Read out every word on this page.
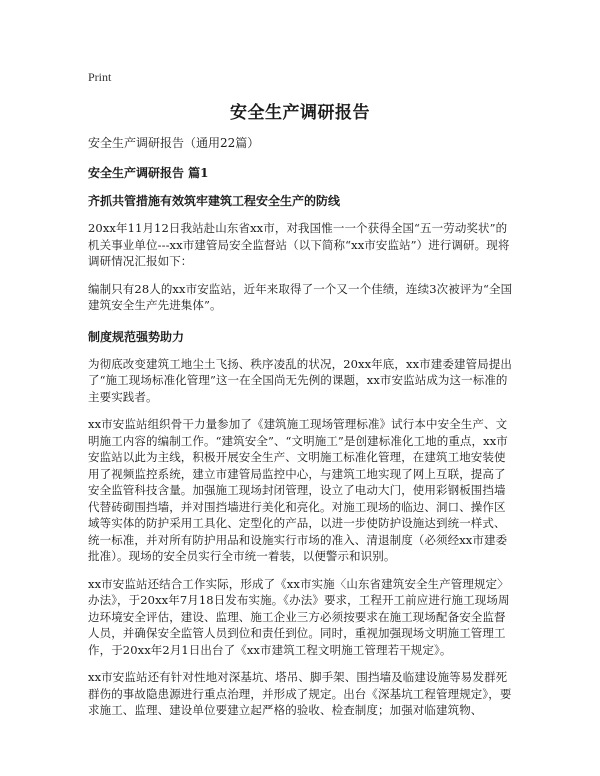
Print
安全生产调研报告

安全生产调研报告（通用22篇）

安全生产调研报告 篇1

齐抓共管措施有效筑牢建筑工程安全生产的防线

20xx年11月12日我站赴山东省xx市，对我国惟一一个获得全国“五一劳动奖状”的机关事业单位---xx市建管局安全监督站（以下简称“xx市安监站”）进行调研。现将调研情况汇报如下：

编制只有28人的xx市安监站，近年来取得了一个又一个佳绩，连续3次被评为“全国建筑安全生产先进集体”。

制度规范强势助力

为彻底改变建筑工地尘土飞扬、秩序凌乱的状况，20xx年底，xx市建委建管局提出了“施工现场标准化管理”这一在全国尚无先例的课题，xx市安监站成为这一标准的主要实践者。

xx市安监站组织骨干力量参加了《建筑施工现场管理标准》试行本中安全生产、文明施工内容的编制工作。“建筑安全”、“文明施工”是创建标准化工地的重点，xx市安监站以此为主线，积极开展安全生产、文明施工标准化管理，在建筑工地安装使用了视频监控系统，建立市建管局监控中心，与建筑工地实现了网上互联，提高了安全监管科技含量。加强施工现场封闭管理，设立了电动大门，使用彩钢板围挡墙代替砖砌围挡墙，并对围挡墙进行美化和亮化。对施工现场的临边、洞口、操作区域等实体的防护采用工具化、定型化的产品，以进一步使防护设施达到统一样式、统一标准，并对所有防护用品和设施实行市场的准入、清退制度（必须经xx市建委批准）。现场的安全员实行全市统一着装，以便警示和识别。

xx市安监站还结合工作实际，形成了《xx市实施〈山东省建筑安全生产管理规定〉办法》，于20xx年7月18日发布实施。《办法》要求，工程开工前应进行施工现场周边环境安全评估，建设、监理、施工企业三方必须按要求在施工现场配备安全监督人员，并确保安全监管人员到位和责任到位。同时，重视加强现场文明施工管理工作，于20xx年2月1日出台了《xx市建筑工程文明施工管理若干规定》。

xx市安监站还有针对性地对深基坑、塔吊、脚手架、围挡墙及临建设施等易发群死群伤的事故隐患源进行重点治理，并形成了规定。出台《深基坑工程管理规定》，要求施工、监理、建设单位要建立起严格的验收、检查制度；加强对临建筑物、
